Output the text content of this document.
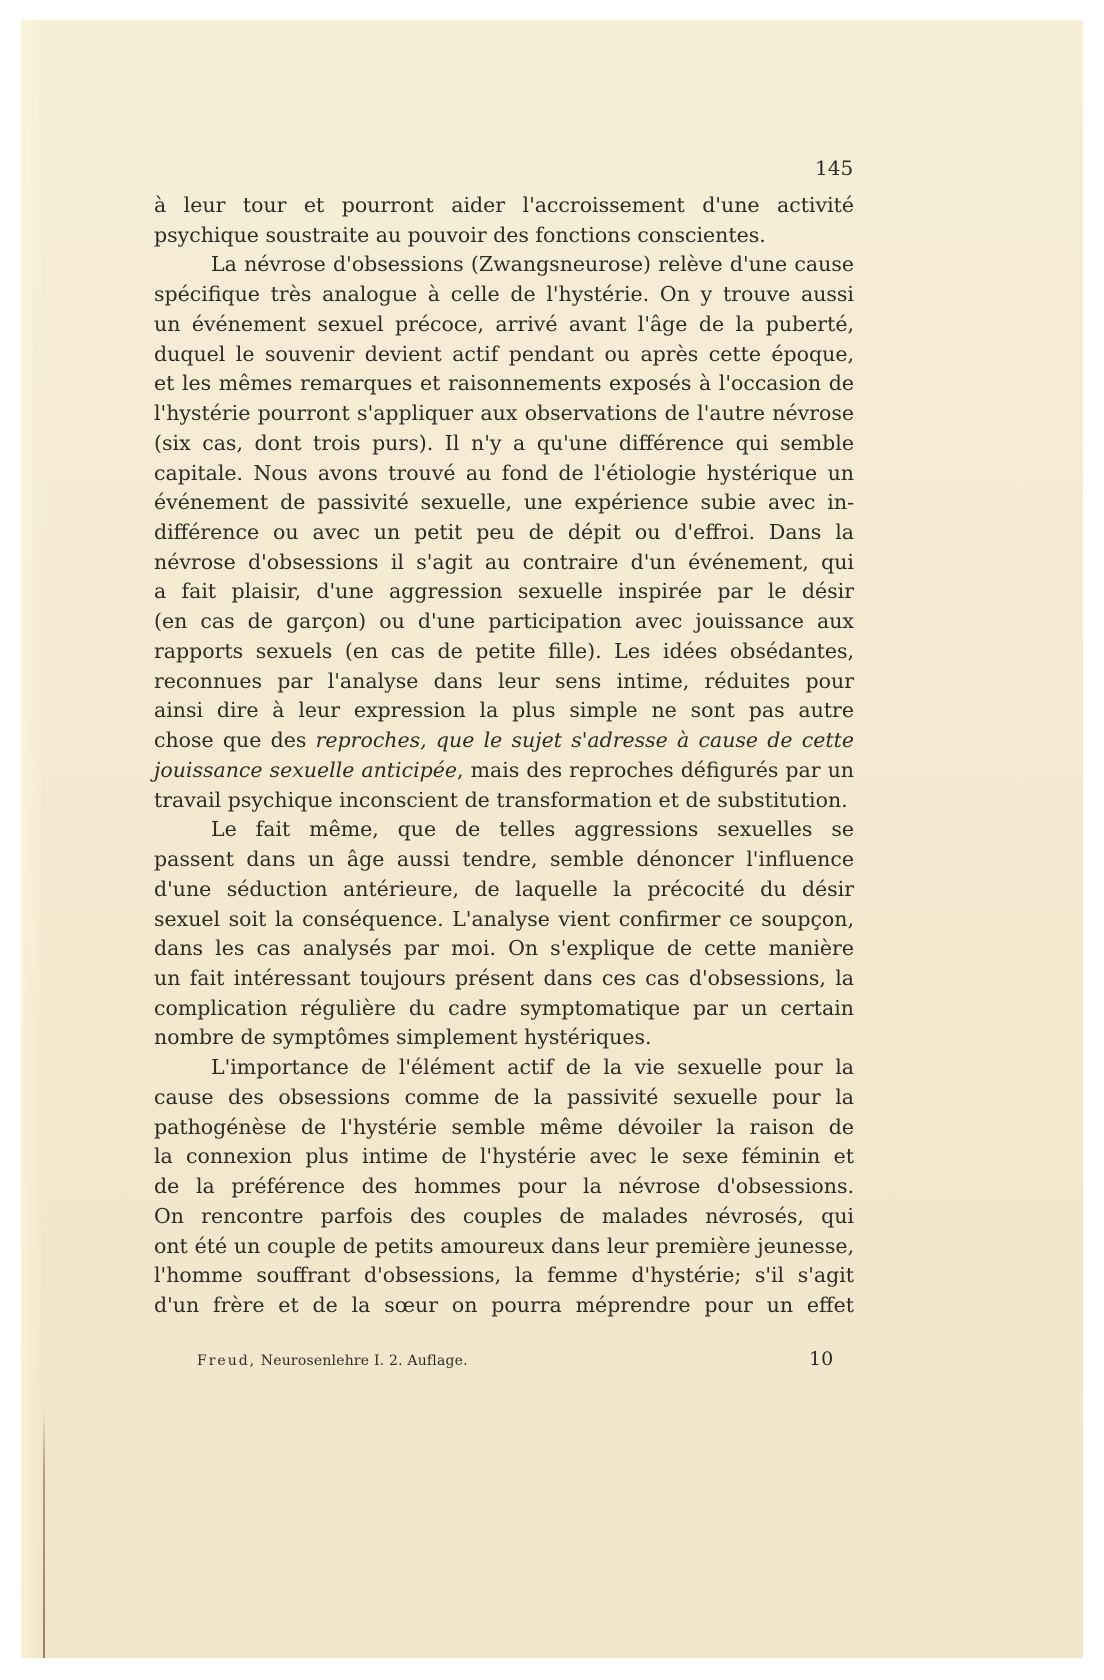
145
à leur tour et pourront aider l'accroissement d'une activité
psychique soustraite au pouvoir des fonctions conscientes.
La névrose d'obsessions (Zwangsneurose) relève d'une cause
spécifique très analogue à celle de l'hystérie. On y trouve aussi
un événement sexuel précoce, arrivé avant l'âge de la puberté,
duquel le souvenir devient actif pendant ou après cette époque,
et les mêmes remarques et raisonnements exposés à l'occasion de
l'hystérie pourront s'appliquer aux observations de l'autre névrose
(six cas, dont trois purs). Il n'y a qu'une différence qui semble
capitale. Nous avons trouvé au fond de l'étiologie hystérique un
événement de passivité sexuelle, une expérience subie avec in-
différence ou avec un petit peu de dépit ou d'effroi. Dans la
névrose d'obsessions il s'agit au contraire d'un événement, qui
a fait plaisir, d'une aggression sexuelle inspirée par le désir
(en cas de garçon) ou d'une participation avec jouissance aux
rapports sexuels (en cas de petite fille). Les idées obsédantes,
reconnues par l'analyse dans leur sens intime, réduites pour
ainsi dire à leur expression la plus simple ne sont pas autre
chose que des reproches, que le sujet s'adresse à cause de cette
jouissance sexuelle anticipée, mais des reproches défigurés par un
travail psychique inconscient de transformation et de substitution.
Le fait même, que de telles aggressions sexuelles se
passent dans un âge aussi tendre, semble dénoncer l'influence
d'une séduction antérieure, de laquelle la précocité du désir
sexuel soit la conséquence. L'analyse vient confirmer ce soupçon,
dans les cas analysés par moi. On s'explique de cette manière
un fait intéressant toujours présent dans ces cas d'obsessions, la
complication régulière du cadre symptomatique par un certain
nombre de symptômes simplement hystériques.
L'importance de l'élément actif de la vie sexuelle pour la
cause des obsessions comme de la passivité sexuelle pour la
pathogénèse de l'hystérie semble même dévoiler la raison de
la connexion plus intime de l'hystérie avec le sexe féminin et
de la préférence des hommes pour la névrose d'obsessions.
On rencontre parfois des couples de malades névrosés, qui
ont été un couple de petits amoureux dans leur première jeunesse,
l'homme souffrant d'obsessions, la femme d'hystérie; s'il s'agit
d'un frère et de la sœur on pourra méprendre pour un effet
Freud, Neurosenlehre I. 2. Auflage.	10
